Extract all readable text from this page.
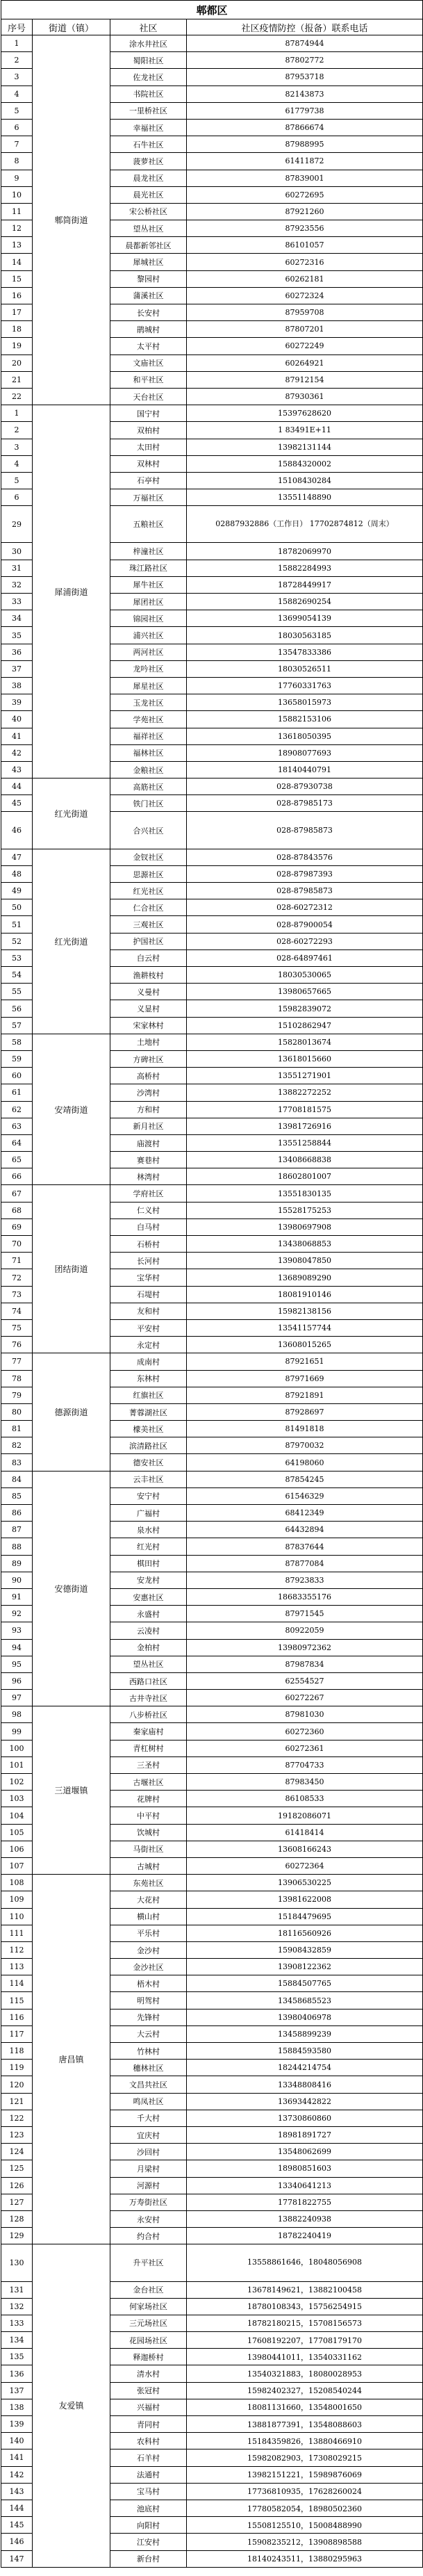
郫都区			
序号	街道（镇）	社区	社区疫情防控（报备）联系电话
1	郫筒街道	涂水井社区	87874944
2		蜀阳社区	87802772
3		佐龙社区	87953718
4		书院社区	82143873
5		一里桥社区	61779738
6		幸福社区	87866674
7		石牛社区	87988995
8		菠萝社区	61411872
9		晨龙社区	87839001
10		晨光社区	60272695
11		宋公桥社区	87921260
12		望丛社区	87923556
13		晨都新邻社区	86101057
14		犀城社区	60272316
15		黎园村	60262181
16		蒲溪社区	60272324
17		长安村	87959708
18		鹃城村	87807201
19		太平村	60272249
20		文庙社区	60264921
21		和平社区	87912154
22		天台社区	87930361
1	犀浦街道	国宁村	15397628620
2		双柏村	1 83491E+11
3		太田村	13982131144
4		双林村	15884320002
5		石亭村	15108430284
6		万福社区	13551148890
29		五粮社区	02887932886（工作日） 17702874812（周末）
30		梓潼社区	18782069970
31		珠江路社区	15882284993
32		犀牛社区	18728449917
33		犀团社区	15882690254
34		锦园社区	13699054139
35		浦兴社区	18030563185
36		两河社区	13547833386
37		龙吟社区	18030526511
38		犀星社区	17760331763
39		玉龙社区	13658015973
40		学苑社区	15882153106
41		福祥社区	13618050395
42		福林社区	18908077693
43		金粮社区	18140440791
44	红光街道	高筋社区	028-87930738
45		铁门社区	028-87985173
46		合兴社区	028-87985873
47	红光街道	金钗社区	028-87843576
48		思源社区	028-87987393
49		红光社区	028-87985873
50		仁合社区	028-60272312
51		三观社区	028-87900054
52		护国社区	028-60272293
53		白云村	028-64897461
54		渔耕枝村	18030530065
55		义曼村	13980657665
56		义显村	15982839072
57		宋家林村	15102862947
58	安靖街道	土地村	15828013674
59		方碑社区	13618015660
60		高桥村	13551271901
61		沙湾村	13882272252
62		方和村	17708181575
63		新月社区	13981726916
64		庙渡村	13551258844
65		赛巷村	13408668838
66		林湾村	18602801007
67	团结街道	学府社区	13551830135
68		仁义村	15528175253
69		白马村	13980697908
70		石桥村	13438068853
71		长河村	13908047850
72		宝华村	13689089290
73		石堤村	18081910146
74		友和村	15982138156
75		平安村	13541157744
76		永定村	13608015265
77	德源街道	成南村	87921651
78		东林村	87971669
79		红旗社区	87921891
80		菁蓉湖社区	87928697
81		檬美社区	81491818
82		滨清路社区	87970032
83		德安社区	64198060
84	安德街道	云丰社区	87854245
85		安宁村	61546329
86		广福村	68412349
87		泉水村	64432894
88		红光村	87837644
89		棋田村	87877084
90		安龙村	87923833
91		安惠社区	18683355176
92		永盛村	87971545
93		云凌村	80922059
94		金柏村	13980972362
95		望丛社区	87987834
96		西路口社区	62554527
97		古井寺社区	60272267
98	三道堰镇	八步桥社区	87981030
99		秦家庙村	60272360
100		青杠树村	60272361
101		三圣村	87704733
102		古堰社区	87983450
103		花牌村	86108533
104		中平村	19182086071
105		饮城村	61418414
106		马街社区	13608166243
107		古城村	60272364
108	唐昌镇	东苑社区	13906530225
109		大花村	13981622008
110		横山村	15184479695
111		平乐村	18116560926
112		金沙村	15908432859
113		金沙社区	13908122362
114		梧木村	15884507765
115		明驾村	13458685523
116		先锋村	13980406978
117		大云村	13458899239
118		竹林村	15884593580
119		穗林社区	18244214754
120		文昌共社区	13348808416
121		鸣凤社区	13693442822
122		千大村	13730860860
123		宜庆村	18981891727
124		沙回村	13548062699
125		月梁村	18980851603
126		河源村	13340641213
127		万寿街社区	17781822755
128		永安村	13882240938
129		约合村	18782240419
130	友爱镇	升平社区	13558861646，18048056908
131		金台社区	13678149621，13882100458
132		何家场社区	18780108343，15756254915
133		三元场社区	18782180215，15708156573
134		花园场社区	17608192207，17708179170
135		释迦桥村	13980441011，13540331162
136		清水村	13540321883，18080028953
137		张冠村	15982402327，15208540244
138		兴福村	18081131660，13548001650
139		青同村	13881877391，13548088603
140		农科村	15184359826，13880466910
141		石羊村	15982082903，17308029215
142		法通村	13982151221，15989876069
143		宝马村	17736810935，17628260024
144		池底村	17780582054，18980502360
145		向阳村	15508125510，15008488990
146		江安村	15908235212，13908898588
147		新台村	18140243511，13880295963
